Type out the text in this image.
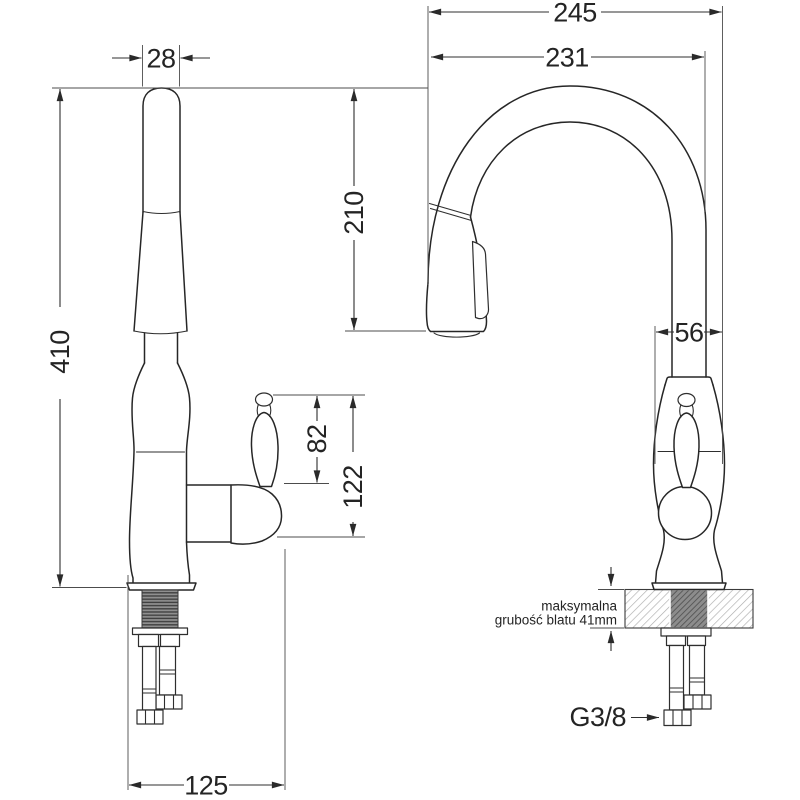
28
410
210
82
122
125
245
231
56
G3/8
maksymalna
grubość blatu 41mm
